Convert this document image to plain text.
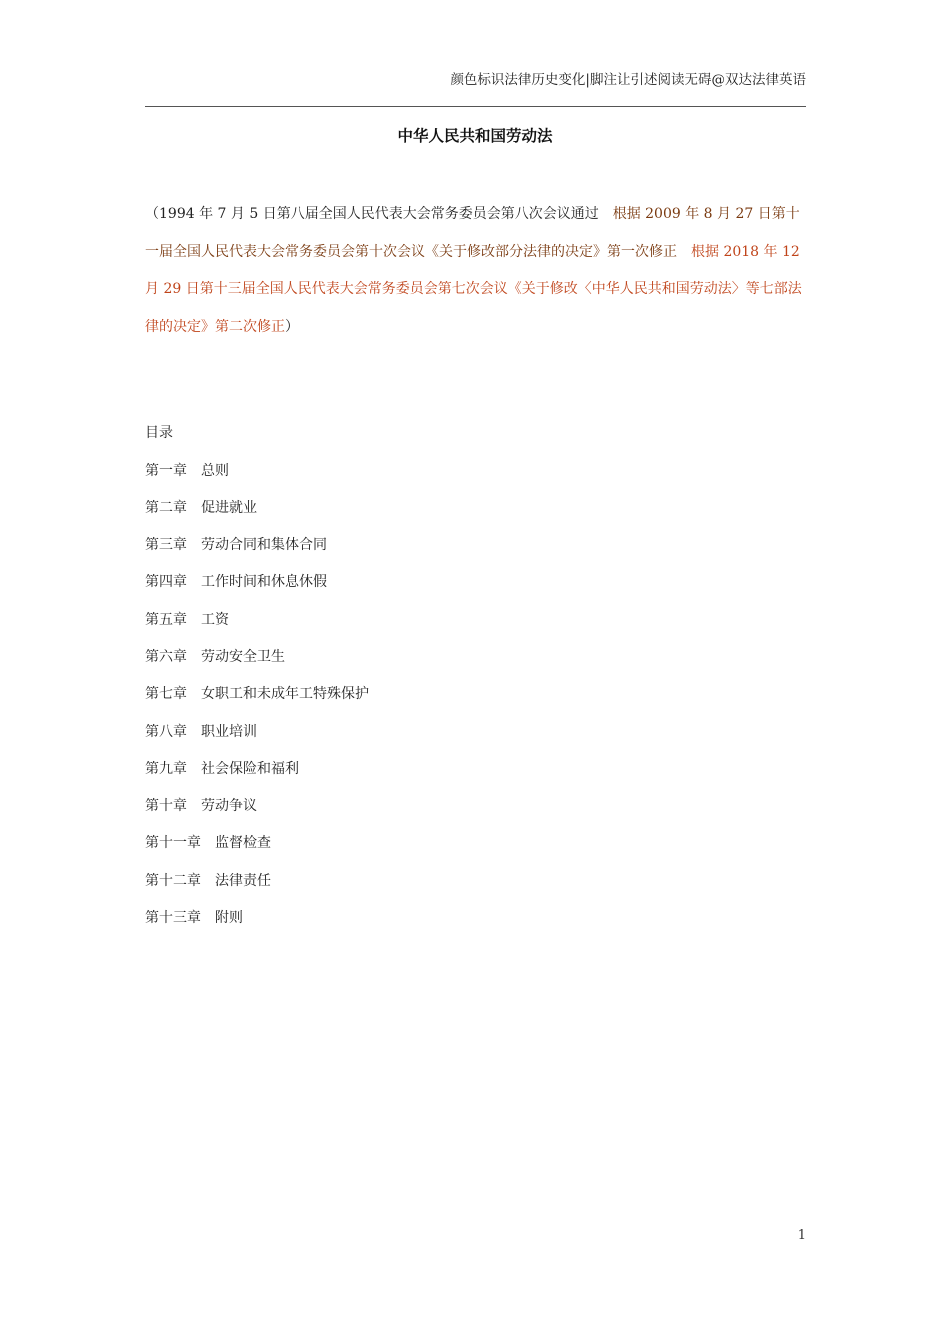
颜色标识法律历史变化|脚注让引述阅读无碍@双达法律英语
中华人民共和国劳动法
（1994 年 7 月 5 日第八届全国人民代表大会常务委员会第八次会议通过　 根据 2009 年 8 月 27 日第十一届全国人民代表大会常务委员会第十次会议《关于修改部分法律的决定》第一次修正　 根据 2018 年 12 月 29 日第十三届全国人民代表大会常务委员会第七次会议《关于修改〈中华人民共和国劳动法〉等七部法律的决定》第二次修正）
目录
第一章 总则
第二章 促进就业
第三章 劳动合同和集体合同
第四章 工作时间和休息休假
第五章 工资
第六章 劳动安全卫生
第七章 女职工和未成年工特殊保护
第八章 职业培训
第九章 社会保险和福利
第十章 劳动争议
第十一章 监督检查
第十二章 法律责任
第十三章 附则
1
